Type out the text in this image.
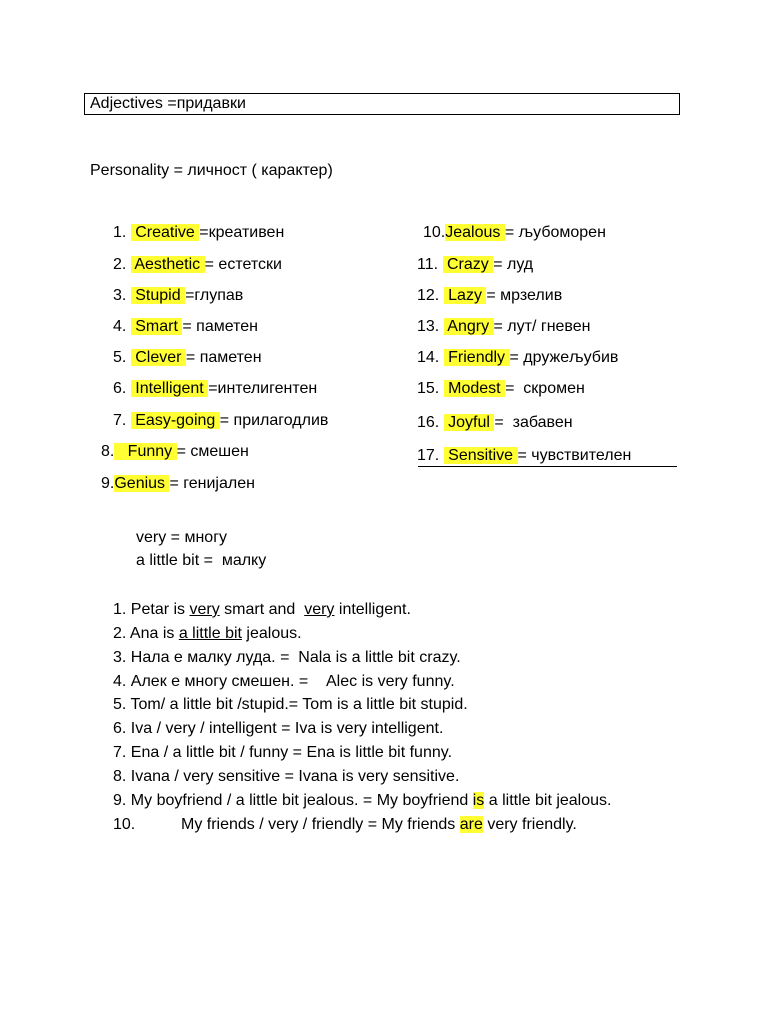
Adjectives =придавки
Personality = личност ( карактер)
1.  Creative =креативен
2.  Aesthetic = естетски
3.  Stupid =глупав
4.  Smart = паметен
5.  Clever = паметен
6.  Intelligent =интелигентен
7.  Easy-going = прилагодлив
8.   Funny = смешен
9.Genius = генијален
10.Jealous = љубоморен
11.  Crazy = луд
12.  Lazy = мрзелив
13.  Angry = лут/ гневен
14.  Friendly = дружељубив
15.  Modest =  скромен
16.  Joyful =  забавен
17.  Sensitive = чувствителен
very = многу
a little bit =  малку
1. Petar is very smart and  very intelligent.
2. Ana is a little bit jealous.
3. Нала е малку луда. =  Nala is a little bit crazy.
4. Алек е многу смешен. =    Alec is very funny.
5. Tom/ a little bit /stupid.= Tom is a little bit stupid.
6. Iva / very / intelligent = Iva is very intelligent.
7. Ena / a little bit / funny = Ena is little bit funny.
8. Ivana / very sensitive = Ivana is very sensitive.
9. My boyfriend / a little bit jealous. = My boyfriend is a little bit jealous.
10.	My friends / very / friendly = My friends are very friendly.
